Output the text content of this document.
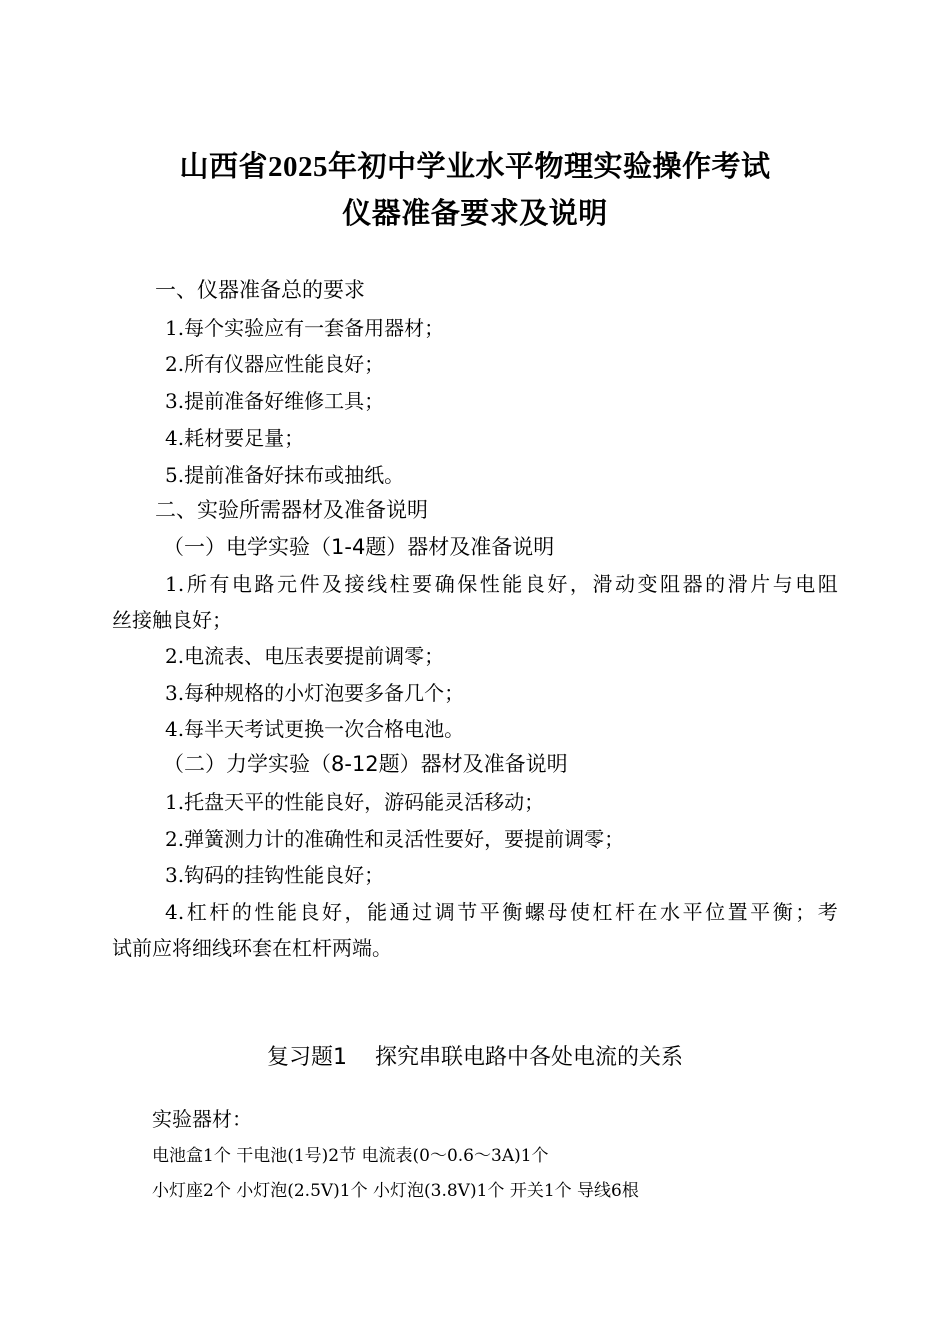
山西省2025年初中学业水平物理实验操作考试
仪器准备要求及说明
一、仪器准备总的要求
1.每个实验应有一套备用器材；
2.所有仪器应性能良好；
3.提前准备好维修工具；
4.耗材要足量；
5.提前准备好抹布或抽纸。
二、实验所需器材及准备说明
（一）电学实验（1-4题）器材及准备说明
1.所有电路元件及接线柱要确保性能良好，滑动变阻器的滑片与电阻
丝接触良好；
2.电流表、电压表要提前调零；
3.每种规格的小灯泡要多备几个；
4.每半天考试更换一次合格电池。
（二）力学实验（8-12题）器材及准备说明
1.托盘天平的性能良好，游码能灵活移动；
2.弹簧测力计的准确性和灵活性要好，要提前调零；
3.钩码的挂钩性能良好；
4.杠杆的性能良好，能通过调节平衡螺母使杠杆在水平位置平衡；考
试前应将细线环套在杠杆两端。
复习题1 探究串联电路中各处电流的关系
实验器材：
电池盒1个 干电池(1号)2节 电流表(0～0.6～3A)1个
小灯座2个 小灯泡(2.5V)1个 小灯泡(3.8V)1个 开关1个 导线6根
